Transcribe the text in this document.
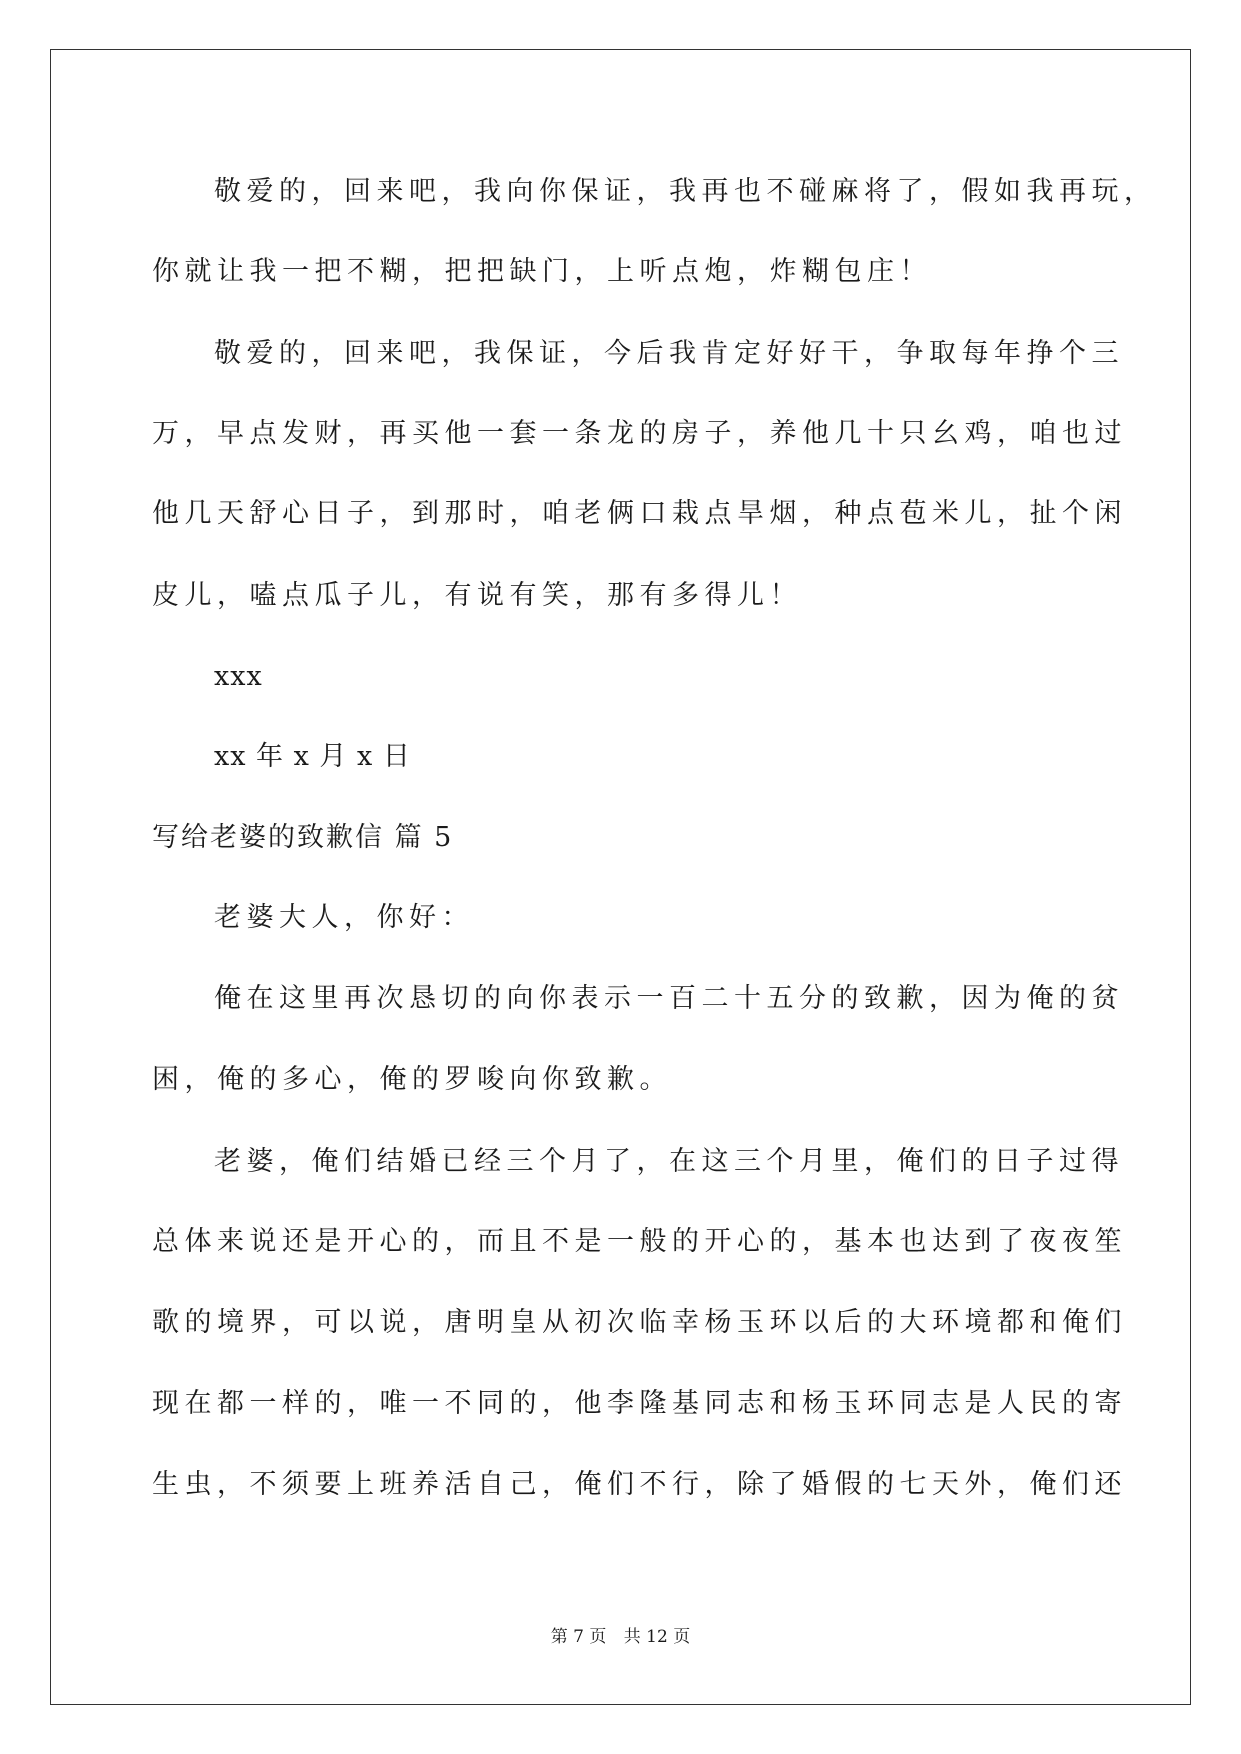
敬爱的，回来吧，我向你保证，我再也不碰麻将了，假如我再玩，
你就让我一把不糊，把把缺门，上听点炮，炸糊包庄！
敬爱的，回来吧，我保证，今后我肯定好好干，争取每年挣个三
万，早点发财，再买他一套一条龙的房子，养他几十只幺鸡，咱也过
他几天舒心日子，到那时，咱老俩口栽点旱烟，种点苞米儿，扯个闲
皮儿，嗑点瓜子儿，有说有笑，那有多得儿！
xxx
xx 年 x 月 x 日
写给老婆的致歉信 篇 5
老婆大人，你好：
俺在这里再次恳切的向你表示一百二十五分的致歉，因为俺的贫
困，俺的多心，俺的罗唆向你致歉。
老婆，俺们结婚已经三个月了，在这三个月里，俺们的日子过得
总体来说还是开心的，而且不是一般的开心的，基本也达到了夜夜笙
歌的境界，可以说，唐明皇从初次临幸杨玉环以后的大环境都和俺们
现在都一样的，唯一不同的，他李隆基同志和杨玉环同志是人民的寄
生虫，不须要上班养活自己，俺们不行，除了婚假的七天外，俺们还
第 7 页 共 12 页
